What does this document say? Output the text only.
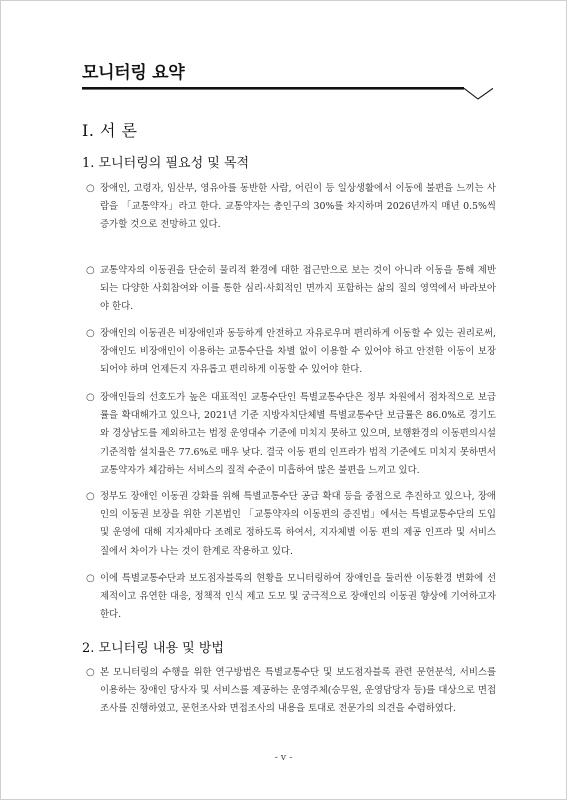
모니터링 요약
Ⅰ. 서 론
1. 모니터링의 필요성 및 목적
○ 장애인, 고령자, 임산부, 영유아를 동반한 사람, 어린이 등 일상생활에서 이동에 불편을 느끼는 사람을 「교통약자」라고 한다. 교통약자는 총인구의 30%를 차지하며 2026년까지 매년 0.5%씩 증가할 것으로 전망하고 있다.
○ 교통약자의 이동권을 단순히 물리적 환경에 대한 접근만으로 보는 것이 아니라 이동을 통해 제반되는 다양한 사회참여와 이를 통한 심리·사회적인 면까지 포함하는 삶의 질의 영역에서 바라보아야 한다.
○ 장애인의 이동권은 비장애인과 동등하게 안전하고 자유로우며 편리하게 이동할 수 있는 권리로써, 장애인도 비장애인이 이용하는 교통수단을 차별 없이 이용할 수 있어야 하고 안전한 이동이 보장되어야 하며 언제든지 자유롭고 편리하게 이동할 수 있어야 한다.
○ 장애인들의 선호도가 높은 대표적인 교통수단인 특별교통수단은 정부 차원에서 점차적으로 보급률을 확대해가고 있으나, 2021년 기준 지방자치단체별 특별교통수단 보급률은 86.0%로 경기도와 경상남도를 제외하고는 법정 운영대수 기준에 미치지 못하고 있으며, 보행환경의 이동편의시설 기준적합 설치율은 77.6%로 매우 낮다. 결국 이동 편의 인프라가 법적 기준에도 미치지 못하면서 교통약자가 체감하는 서비스의 질적 수준이 미흡하여 많은 불편을 느끼고 있다.
○ 정부도 장애인 이동권 강화를 위해 특별교통수단 공급 확대 등을 중점으로 추진하고 있으나, 장애인의 이동권 보장을 위한 기본법인 「교통약자의 이동편의 증진법」에서는 특별교통수단의 도입 및 운영에 대해 지자체마다 조례로 정하도록 하여서, 지자체별 이동 편의 제공 인프라 및 서비스 질에서 차이가 나는 것이 한계로 작용하고 있다.
○ 이에 특별교통수단과 보도점자블록의 현황을 모니터링하여 장애인을 둘러싼 이동환경 변화에 선제적이고 유연한 대응, 정책적 인식 제고 도모 및 궁극적으로 장애인의 이동권 향상에 기여하고자 한다.
2. 모니터링 내용 및 방법
○ 본 모니터링의 수행을 위한 연구방법은 특별교통수단 및 보도점자블록 관련 문헌분석, 서비스를 이용하는 장애인 당사자 및 서비스를 제공하는 운영주체(승무원, 운영담당자 등)를 대상으로 면접조사를 진행하였고, 문헌조사와 면접조사의 내용을 토대로 전문가의 의견을 수렴하였다.
- v -
